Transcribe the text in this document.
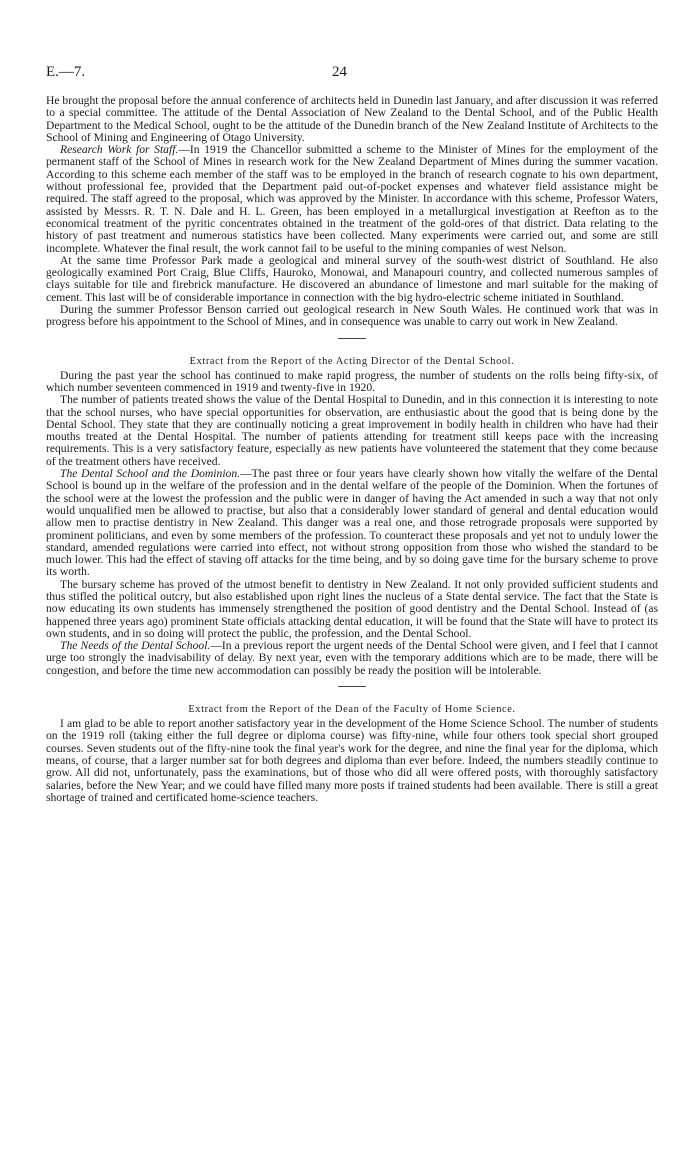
E.—7.	24

He brought the proposal before the annual conference of architects held in Dunedin last January, and after discussion it was referred to a special committee. The attitude of the Dental Association of New Zealand to the Dental School, and of the Public Health Department to the Medical School, ought to be the attitude of the Dunedin branch of the New Zealand Institute of Architects to the School of Mining and Engineering of Otago University.

Research Work for Staff.—In 1919 the Chancellor submitted a scheme to the Minister of Mines for the employment of the permanent staff of the School of Mines in research work for the New Zealand Department of Mines during the summer vacation. According to this scheme each member of the staff was to be employed in the branch of research cognate to his own department, without professional fee, provided that the Department paid out-of-pocket expenses and whatever field assistance might be required. The staff agreed to the proposal, which was approved by the Minister. In accordance with this scheme, Professor Waters, assisted by Messrs. R. T. N. Dale and H. L. Green, has been employed in a metallurgical investigation at Reefton as to the economical treatment of the pyritic concentrates obtained in the treatment of the gold-ores of that district. Data relating to the history of past treatment and numerous statistics have been collected. Many experiments were carried out, and some are still incomplete. Whatever the final result, the work cannot fail to be useful to the mining companies of west Nelson.

At the same time Professor Park made a geological and mineral survey of the south-west district of Southland. He also geologically examined Port Craig, Blue Cliffs, Hauroko, Monowai, and Manapouri country, and collected numerous samples of clays suitable for tile and firebrick manufacture. He discovered an abundance of limestone and marl suitable for the making of cement. This last will be of considerable importance in connection with the big hydro-electric scheme initiated in Southland.

During the summer Professor Benson carried out geological research in New South Wales. He continued work that was in progress before his appointment to the School of Mines, and in consequence was unable to carry out work in New Zealand.

Extract from the Report of the Acting Director of the Dental School.

During the past year the school has continued to make rapid progress, the number of students on the rolls being fifty-six, of which number seventeen commenced in 1919 and twenty-five in 1920.

The number of patients treated shows the value of the Dental Hospital to Dunedin, and in this connection it is interesting to note that the school nurses, who have special opportunities for observation, are enthusiastic about the good that is being done by the Dental School. They state that they are continually noticing a great improvement in bodily health in children who have had their mouths treated at the Dental Hospital. The number of patients attending for treatment still keeps pace with the increasing requirements. This is a very satisfactory feature, especially as new patients have volunteered the statement that they come because of the treatment others have received.

The Dental School and the Dominion.—The past three or four years have clearly shown how vitally the welfare of the Dental School is bound up in the welfare of the profession and in the dental welfare of the people of the Dominion. When the fortunes of the school were at the lowest the profession and the public were in danger of having the Act amended in such a way that not only would unqualified men be allowed to practise, but also that a considerably lower standard of general and dental education would allow men to practise dentistry in New Zealand. This danger was a real one, and those retrograde proposals were supported by prominent politicians, and even by some members of the profession. To counteract these proposals and yet not to unduly lower the standard, amended regulations were carried into effect, not without strong opposition from those who wished the standard to be much lower. This had the effect of staving off attacks for the time being, and by so doing gave time for the bursary scheme to prove its worth.

The bursary scheme has proved of the utmost benefit to dentistry in New Zealand. It not only provided sufficient students and thus stifled the political outcry, but also established upon right lines the nucleus of a State dental service. The fact that the State is now educating its own students has immensely strengthened the position of good dentistry and the Dental School. Instead of (as happened three years ago) prominent State officials attacking dental education, it will be found that the State will have to protect its own students, and in so doing will protect the public, the profession, and the Dental School.

The Needs of the Dental School.—In a previous report the urgent needs of the Dental School were given, and I feel that I cannot urge too strongly the inadvisability of delay. By next year, even with the temporary additions which are to be made, there will be congestion, and before the time new accommodation can possibly be ready the position will be intolerable.

Extract from the Report of the Dean of the Faculty of Home Science.

I am glad to be able to report another satisfactory year in the development of the Home Science School. The number of students on the 1919 roll (taking either the full degree or diploma course) was fifty-nine, while four others took special short grouped courses. Seven students out of the fifty-nine took the final year's work for the degree, and nine the final year for the diploma, which means, of course, that a larger number sat for both degrees and diploma than ever before. Indeed, the numbers steadily continue to grow. All did not, unfortunately, pass the examinations, but of those who did all were offered posts, with thoroughly satisfactory salaries, before the New Year; and we could have filled many more posts if trained students had been available. There is still a great shortage of trained and certificated home-science teachers.
